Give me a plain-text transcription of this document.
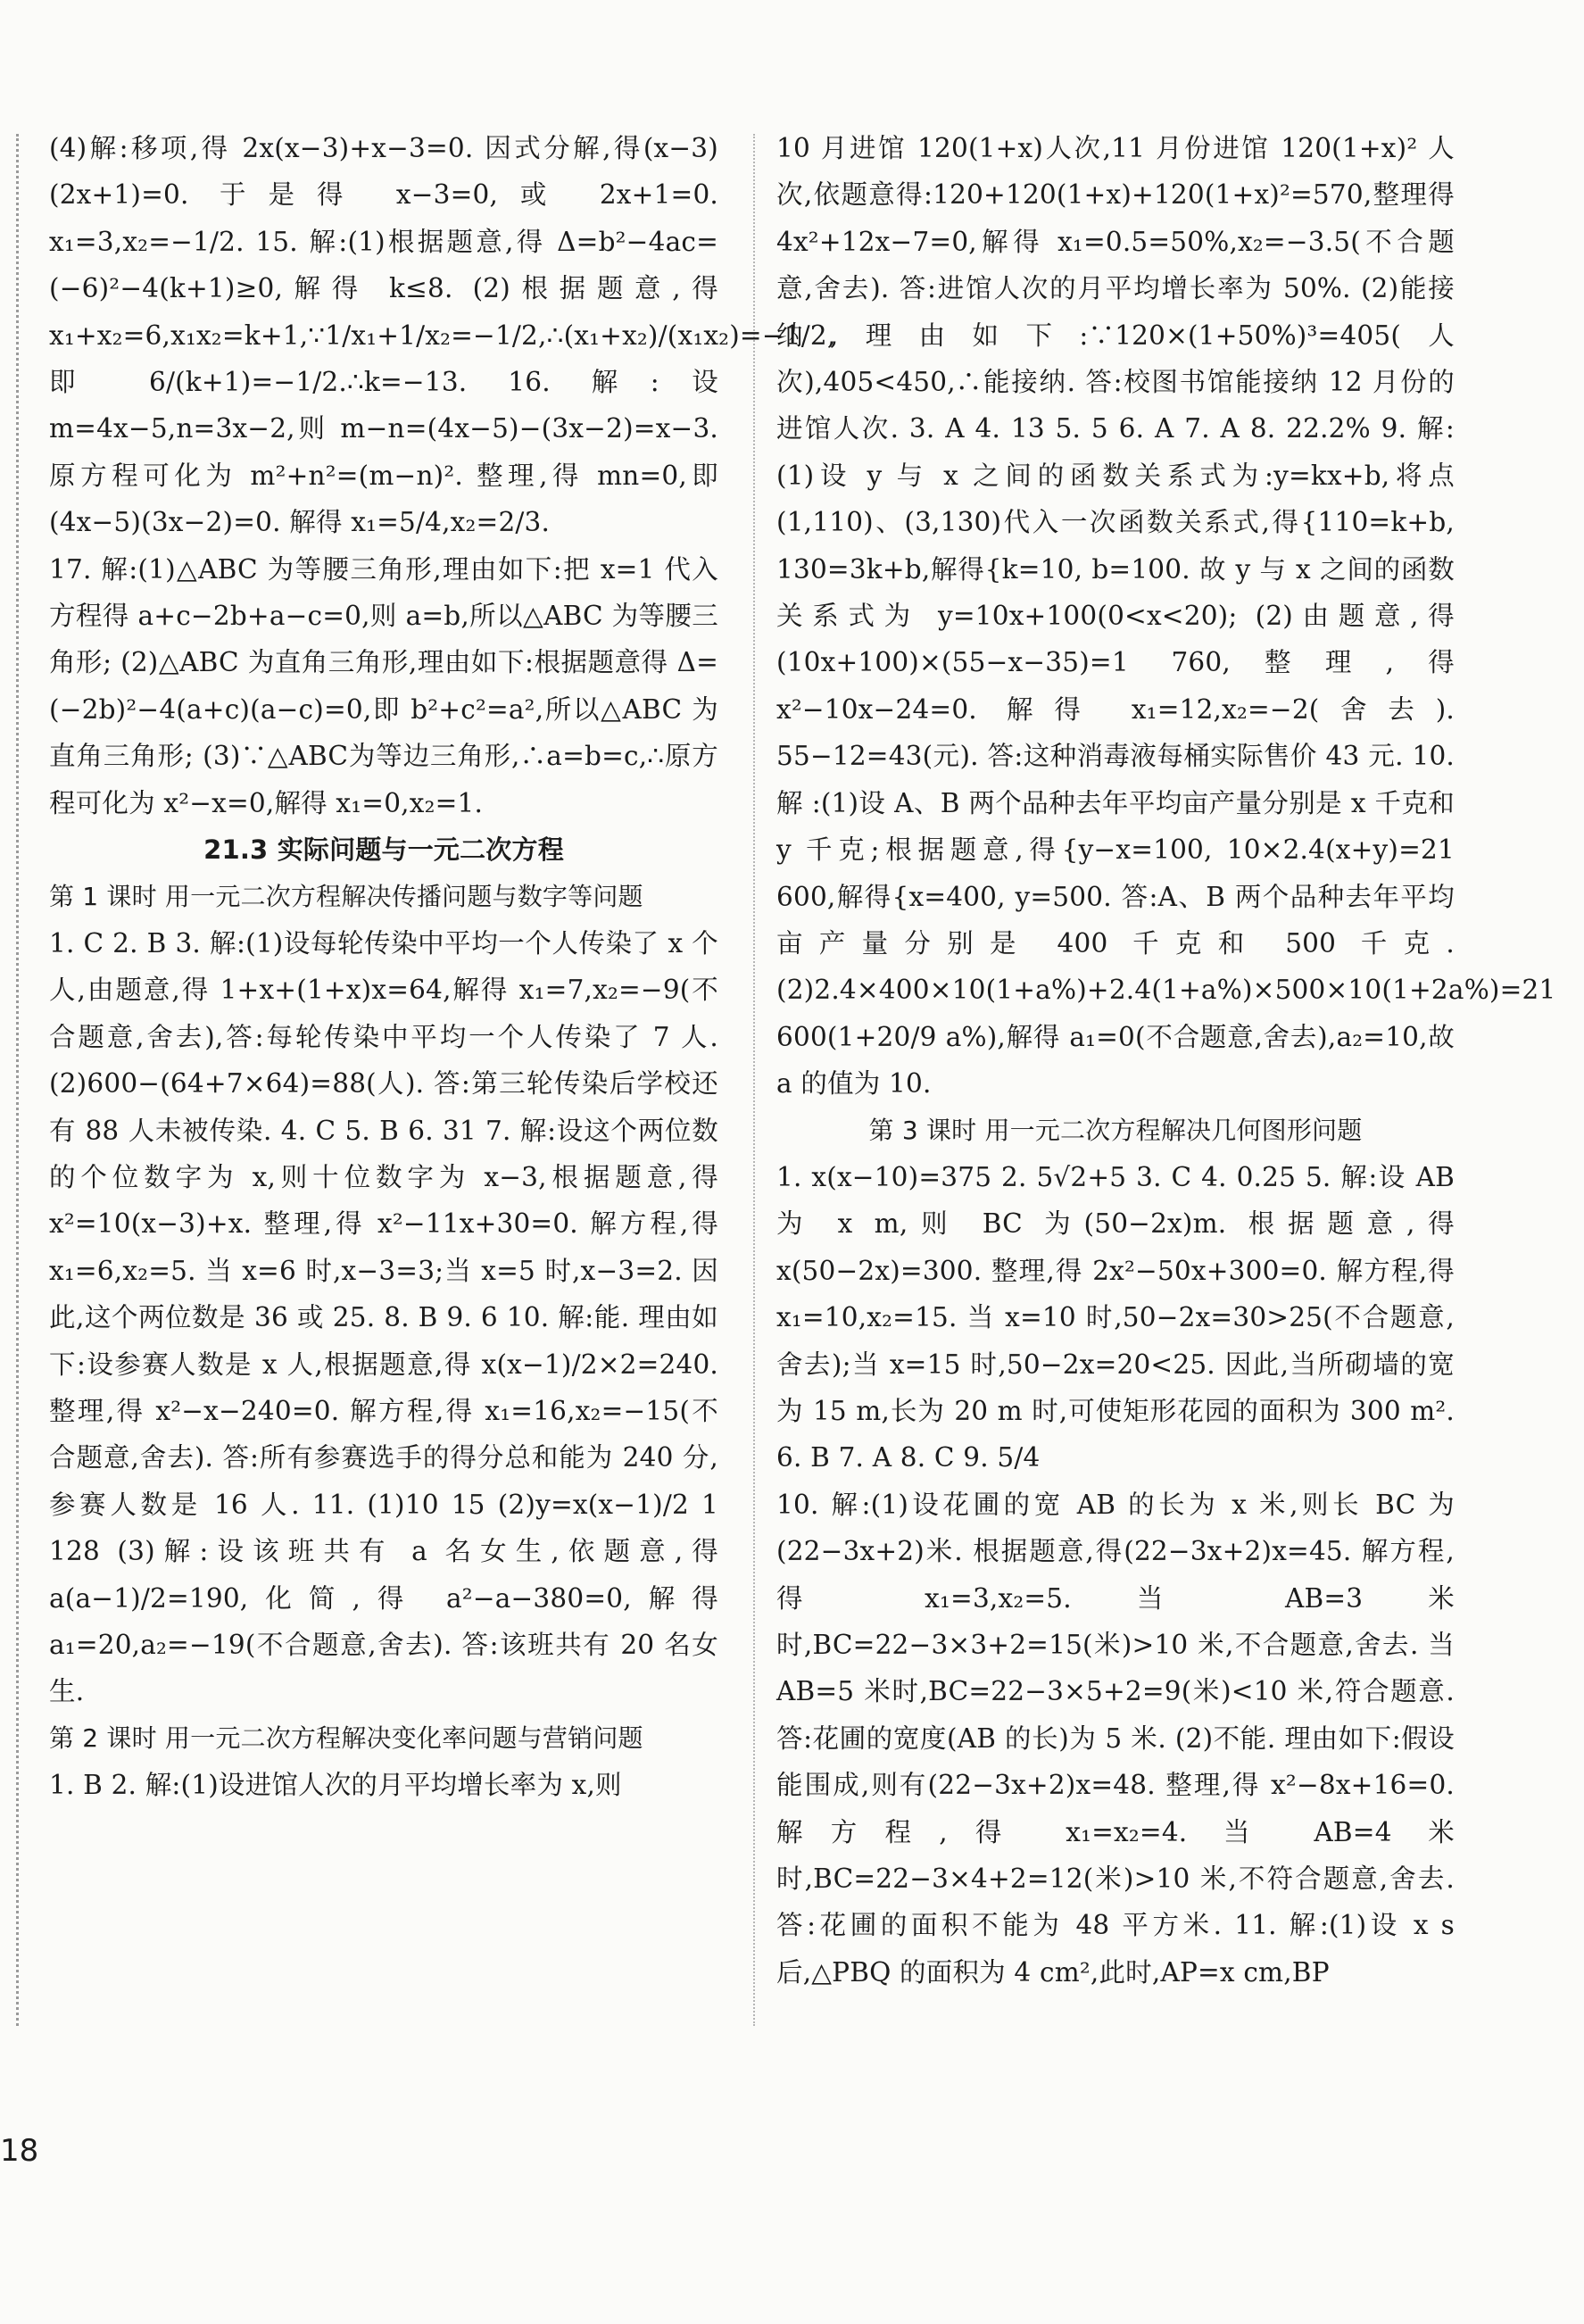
(4)解:移项,得 2x(x−3)+x−3=0. 因式分解,得(x−3)(2x+1)=0. 于是得 x−3=0,或 2x+1=0. x₁=3,x₂=−1/2. 15. 解:(1)根据题意,得 Δ=b²−4ac=(−6)²−4(k+1)≥0,解得 k≤8. (2)根据题意,得 x₁+x₂=6,x₁x₂=k+1,∵1/x₁+1/x₂=−1/2,∴(x₁+x₂)/(x₁x₂)=−1/2,即 6/(k+1)=−1/2.∴k=−13. 16. 解:设 m=4x−5,n=3x−2,则 m−n=(4x−5)−(3x−2)=x−3. 原方程可化为 m²+n²=(m−n)². 整理,得 mn=0,即(4x−5)(3x−2)=0. 解得 x₁=5/4,x₂=2/3.

17. 解:(1)△ABC 为等腰三角形,理由如下:把 x=1 代入方程得 a+c−2b+a−c=0,则 a=b,所以△ABC 为等腰三角形; (2)△ABC 为直角三角形,理由如下:根据题意得 Δ=(−2b)²−4(a+c)(a−c)=0,即 b²+c²=a²,所以△ABC 为直角三角形; (3)∵△ABC为等边三角形,∴a=b=c,∴原方程可化为 x²−x=0,解得 x₁=0,x₂=1.

21.3 实际问题与一元二次方程

第 1 课时 用一元二次方程解决传播问题与数字等问题

1. C 2. B 3. 解:(1)设每轮传染中平均一个人传染了 x 个人,由题意,得 1+x+(1+x)x=64,解得 x₁=7,x₂=−9(不合题意,舍去),答:每轮传染中平均一个人传染了 7 人. (2)600−(64+7×64)=88(人). 答:第三轮传染后学校还有 88 人未被传染. 4. C 5. B 6. 31 7. 解:设这个两位数的个位数字为 x,则十位数字为 x−3,根据题意,得 x²=10(x−3)+x. 整理,得 x²−11x+30=0. 解方程,得 x₁=6,x₂=5. 当 x=6 时,x−3=3;当 x=5 时,x−3=2. 因此,这个两位数是 36 或 25. 8. B 9. 6 10. 解:能. 理由如下:设参赛人数是 x 人,根据题意,得 x(x−1)/2×2=240. 整理,得 x²−x−240=0. 解方程,得 x₁=16,x₂=−15(不合题意,舍去). 答:所有参赛选手的得分总和能为 240 分,参赛人数是 16 人. 11. (1)10 15 (2)y=x(x−1)/2 1 128 (3)解:设该班共有 a 名女生,依题意,得 a(a−1)/2=190,化简,得 a²−a−380=0,解得 a₁=20,a₂=−19(不合题意,舍去). 答:该班共有 20 名女生.

第 2 课时 用一元二次方程解决变化率问题与营销问题

1. B 2. 解:(1)设进馆人次的月平均增长率为 x,则

10 月进馆 120(1+x)人次,11 月份进馆 120(1+x)² 人次,依题意得:120+120(1+x)+120(1+x)²=570,整理得 4x²+12x−7=0,解得 x₁=0.5=50%,x₂=−3.5(不合题意,舍去). 答:进馆人次的月平均增长率为 50%. (2)能接纳,理由如下:∵120×(1+50%)³=405(人次),405<450,∴能接纳. 答:校图书馆能接纳 12 月份的进馆人次. 3. A 4. 13 5. 5 6. A 7. A 8. 22.2% 9. 解:(1)设 y 与 x 之间的函数关系式为:y=kx+b,将点(1,110)、(3,130)代入一次函数关系式,得{110=k+b, 130=3k+b,解得{k=10, b=100. 故 y 与 x 之间的函数关系式为 y=10x+100(0<x<20); (2)由题意,得(10x+100)×(55−x−35)=1 760,整理,得 x²−10x−24=0. 解得 x₁=12,x₂=−2(舍去). 55−12=43(元). 答:这种消毒液每桶实际售价 43 元. 10. 解 :(1)设 A、B 两个品种去年平均亩产量分别是 x 千克和 y 千克;根据题意,得{y−x=100, 10×2.4(x+y)=21 600,解得{x=400, y=500. 答:A、B 两个品种去年平均亩产量分别是 400 千克和 500 千克. (2)2.4×400×10(1+a%)+2.4(1+a%)×500×10(1+2a%)=21 600(1+20/9 a%),解得 a₁=0(不合题意,舍去),a₂=10,故 a 的值为 10.

第 3 课时 用一元二次方程解决几何图形问题

1. x(x−10)=375 2. 5√2+5 3. C 4. 0.25 5. 解:设 AB 为 x m,则 BC 为(50−2x)m. 根据题意,得 x(50−2x)=300. 整理,得 2x²−50x+300=0. 解方程,得 x₁=10,x₂=15. 当 x=10 时,50−2x=30>25(不合题意,舍去);当 x=15 时,50−2x=20<25. 因此,当所砌墙的宽为 15 m,长为 20 m 时,可使矩形花园的面积为 300 m². 6. B 7. A 8. C 9. 5/4

10. 解:(1)设花圃的宽 AB 的长为 x 米,则长 BC 为(22−3x+2)米. 根据题意,得(22−3x+2)x=45. 解方程,得 x₁=3,x₂=5. 当 AB=3 米时,BC=22−3×3+2=15(米)>10 米,不合题意,舍去. 当 AB=5 米时,BC=22−3×5+2=9(米)<10 米,符合题意. 答:花圃的宽度(AB 的长)为 5 米. (2)不能. 理由如下:假设能围成,则有(22−3x+2)x=48. 整理,得 x²−8x+16=0. 解方程,得 x₁=x₂=4. 当 AB=4 米时,BC=22−3×4+2=12(米)>10 米,不符合题意,舍去. 答:花圃的面积不能为 48 平方米. 11. 解:(1)设 x s 后,△PBQ 的面积为 4 cm²,此时,AP=x cm,BP

18
